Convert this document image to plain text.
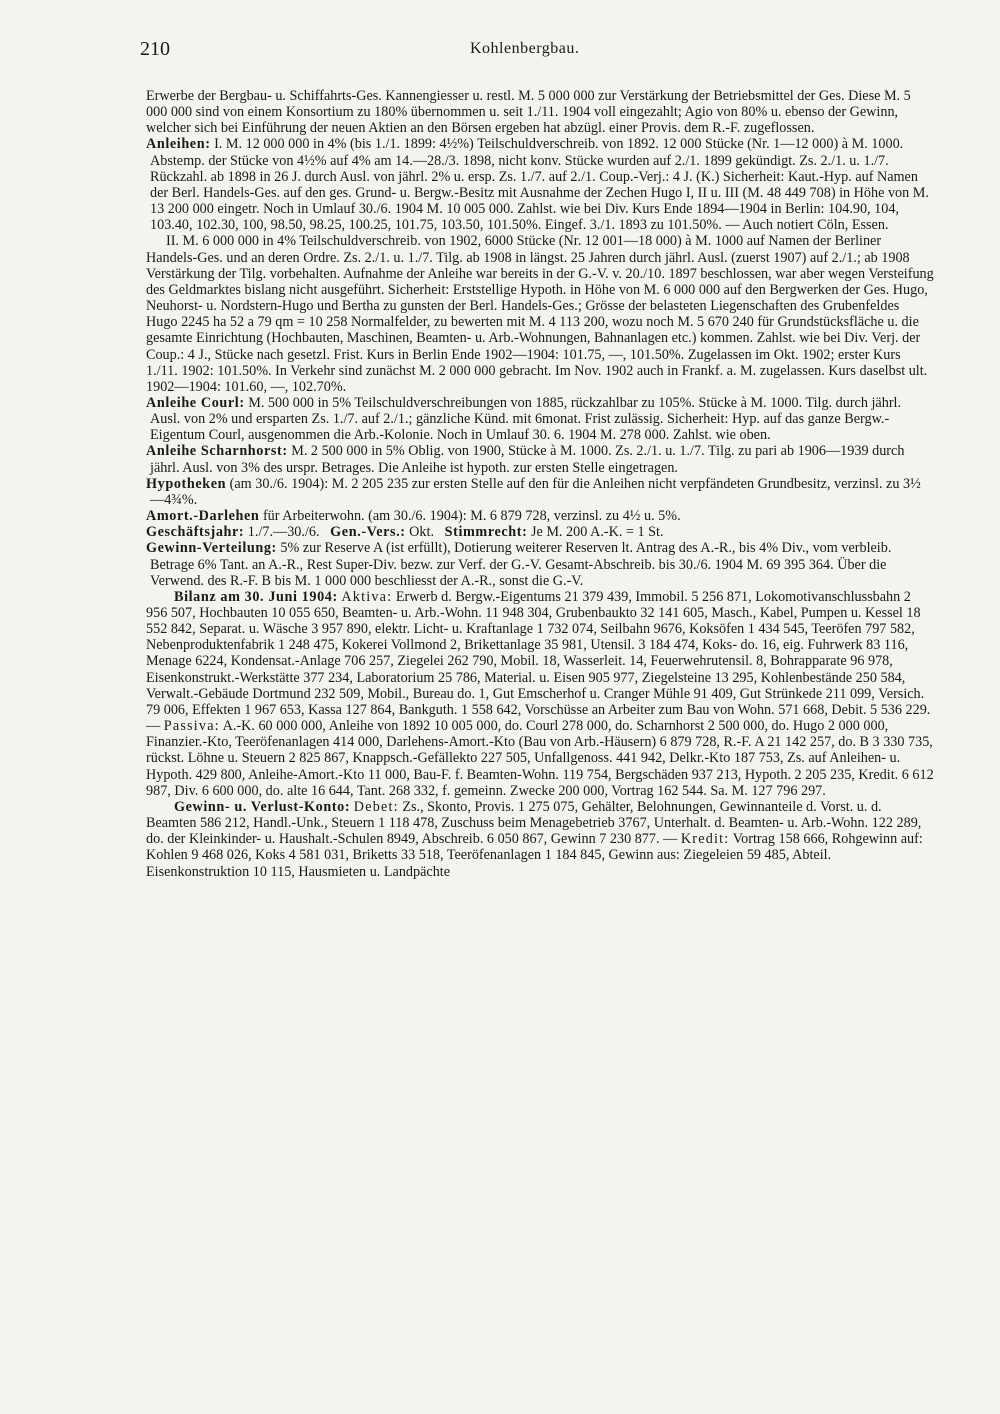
210	Kohlenbergbau.

Erwerbe der Bergbau- u. Schiffahrts-Ges. Kannengiesser u. restl. M. 5 000 000 zur Verstärkung der Betriebsmittel der Ges. Diese M. 5 000 000 sind von einem Konsortium zu 180% übernommen u. seit 1./11. 1904 voll eingezahlt; Agio von 80% u. ebenso der Gewinn, welcher sich bei Einführung der neuen Aktien an den Börsen ergeben hat abzügl. einer Provis. dem R.-F. zugeflossen.

Anleihen: I. M. 12 000 000 in 4% (bis 1./1. 1899: 4½%) Teilschuldverschreib. von 1892. 12 000 Stücke (Nr. 1—12 000) à M. 1000. Abstemp. der Stücke von 4½% auf 4% am 14.—28./3. 1898, nicht konv. Stücke wurden auf 2./1. 1899 gekündigt. Zs. 2./1. u. 1./7. Rückzahl. ab 1898 in 26 J. durch Ausl. von jährl. 2% u. ersp. Zs. 1./7. auf 2./1. Coup.-Verj.: 4 J. (K.) Sicherheit: Kaut.-Hyp. auf Namen der Berl. Handels-Ges. auf den ges. Grund- u. Bergw.-Besitz mit Ausnahme der Zechen Hugo I, II u. III (M. 48 449 708) in Höhe von M. 13 200 000 eingetr. Noch in Umlauf 30./6. 1904 M. 10 005 000. Zahlst. wie bei Div. Kurs Ende 1894—1904 in Berlin: 104.90, 104, 103.40, 102.30, 100, 98.50, 98.25, 100.25, 101.75, 103.50, 101.50%. Eingef. 3./1. 1893 zu 101.50%. — Auch notiert Cöln, Essen.

II. M. 6 000 000 in 4% Teilschuldverschreib. von 1902, 6000 Stücke (Nr. 12 001—18 000) à M. 1000 auf Namen der Berliner Handels-Ges. und an deren Ordre. Zs. 2./1. u. 1./7. Tilg. ab 1908 in längst. 25 Jahren durch jährl. Ausl. (zuerst 1907) auf 2./1.; ab 1908 Verstärkung der Tilg. vorbehalten. Aufnahme der Anleihe war bereits in der G.-V. v. 20./10. 1897 beschlossen, war aber wegen Versteifung des Geldmarktes bislang nicht ausgeführt. Sicherheit: Erststellige Hypoth. in Höhe von M. 6 000 000 auf den Bergwerken der Ges. Hugo, Neuhorst- u. Nordstern-Hugo und Bertha zu gunsten der Berl. Handels-Ges.; Grösse der belasteten Liegenschaften des Grubenfeldes Hugo 2245 ha 52 a 79 qm = 10 258 Normalfelder, zu bewerten mit M. 4 113 200, wozu noch M. 5 670 240 für Grundstücksfläche u. die gesamte Einrichtung (Hochbauten, Maschinen, Beamten- u. Arb.-Wohnungen, Bahnanlagen etc.) kommen. Zahlst. wie bei Div. Verj. der Coup.: 4 J., Stücke nach gesetzl. Frist. Kurs in Berlin Ende 1902—1904: 101.75, —, 101.50%. Zugelassen im Okt. 1902; erster Kurs 1./11. 1902: 101.50%. In Verkehr sind zunächst M. 2 000 000 gebracht. Im Nov. 1902 auch in Frankf. a. M. zugelassen. Kurs daselbst ult. 1902—1904: 101.60, —, 102.70%.

Anleihe Courl: M. 500 000 in 5% Teilschuldverschreibungen von 1885, rückzahlbar zu 105%. Stücke à M. 1000. Tilg. durch jährl. Ausl. von 2% und ersparten Zs. 1./7. auf 2./1.; gänzliche Künd. mit 6monat. Frist zulässig. Sicherheit: Hyp. auf das ganze Bergw.-Eigentum Courl, ausgenommen die Arb.-Kolonie. Noch in Umlauf 30. 6. 1904 M. 278 000. Zahlst. wie oben.

Anleihe Scharnhorst: M. 2 500 000 in 5% Oblig. von 1900, Stücke à M. 1000. Zs. 2./1. u. 1./7. Tilg. zu pari ab 1906—1939 durch jährl. Ausl. von 3% des urspr. Betrages. Die Anleihe ist hypoth. zur ersten Stelle eingetragen.

Hypotheken (am 30./6. 1904): M. 2 205 235 zur ersten Stelle auf den für die Anleihen nicht verpfändeten Grundbesitz, verzinsl. zu 3½—4¾%.

Amort.-Darlehen für Arbeiterwohn. (am 30./6. 1904): M. 6 879 728, verzinsl. zu 4½ u. 5%.

Geschäftsjahr: 1./7.—30./6. Gen.-Vers.: Okt. Stimmrecht: Je M. 200 A.-K. = 1 St.

Gewinn-Verteilung: 5% zur Reserve A (ist erfüllt), Dotierung weiterer Reserven lt. Antrag des A.-R., bis 4% Div., vom verbleib. Betrage 6% Tant. an A.-R., Rest Super-Div. bezw. zur Verf. der G.-V. Gesamt-Abschreib. bis 30./6. 1904 M. 69 395 364. Über die Verwend. des R.-F. B bis M. 1 000 000 beschliesst der A.-R., sonst die G.-V.

Bilanz am 30. Juni 1904: Aktiva: Erwerb d. Bergw.-Eigentums 21 379 439, Immobil. 5 256 871, Lokomotivanschlussbahn 2 956 507, Hochbauten 10 055 650, Beamten- u. Arb.-Wohn. 11 948 304, Grubenbaukto 32 141 605, Masch., Kabel, Pumpen u. Kessel 18 552 842, Separat. u. Wäsche 3 957 890, elektr. Licht- u. Kraftanlage 1 732 074, Seilbahn 9676, Koksöfen 1 434 545, Teeröfen 797 582, Nebenproduktenfabrik 1 248 475, Kokerei Vollmond 2, Brikettanlage 35 981, Utensil. 3 184 474, Koks- do. 16, eig. Fuhrwerk 83 116, Menage 6224, Kondensat.-Anlage 706 257, Ziegelei 262 790, Mobil. 18, Wasserleit. 14, Feuerwehrutensil. 8, Bohrapparate 96 978, Eisenkonstrukt.-Werkstätte 377 234, Laboratorium 25 786, Material. u. Eisen 905 977, Ziegelsteine 13 295, Kohlenbestände 250 584, Verwalt.-Gebäude Dortmund 232 509, Mobil., Bureau do. 1, Gut Emscherhof u. Cranger Mühle 91 409, Gut Strünkede 211 099, Versich. 79 006, Effekten 1 967 653, Kassa 127 864, Bankguth. 1 558 642, Vorschüsse an Arbeiter zum Bau von Wohn. 571 668, Debit. 5 536 229. — Passiva: A.-K. 60 000 000, Anleihe von 1892 10 005 000, do. Courl 278 000, do. Scharnhorst 2 500 000, do. Hugo 2 000 000, Finanzier.-Kto, Teeröfenanlagen 414 000, Darlehens-Amort.-Kto (Bau von Arb.-Häusern) 6 879 728, R.-F. A 21 142 257, do. B 3 330 735, rückst. Löhne u. Steuern 2 825 867, Knappsch.-Gefällekto 227 505, Unfallgenoss. 441 942, Delkr.-Kto 187 753, Zs. auf Anleihen- u. Hypoth. 429 800, Anleihe-Amort.-Kto 11 000, Bau-F. f. Beamten-Wohn. 119 754, Bergschäden 937 213, Hypoth. 2 205 235, Kredit. 6 612 987, Div. 6 600 000, do. alte 16 644, Tant. 268 332, f. gemeinn. Zwecke 200 000, Vortrag 162 544. Sa. M. 127 796 297.

Gewinn- u. Verlust-Konto: Debet: Zs., Skonto, Provis. 1 275 075, Gehälter, Belohnungen, Gewinnanteile d. Vorst. u. d. Beamten 586 212, Handl.-Unk., Steuern 1 118 478, Zuschuss beim Menagebetrieb 3767, Unterhalt. d. Beamten- u. Arb.-Wohn. 122 289, do. der Kleinkinder- u. Haushalt.-Schulen 8949, Abschreib. 6 050 867, Gewinn 7 230 877. — Kredit: Vortrag 158 666, Rohgewinn auf: Kohlen 9 468 026, Koks 4 581 031, Briketts 33 518, Teeröfenanlagen 1 184 845, Gewinn aus: Ziegeleien 59 485, Abteil. Eisenkonstruktion 10 115, Hausmieten u. Landpächte
